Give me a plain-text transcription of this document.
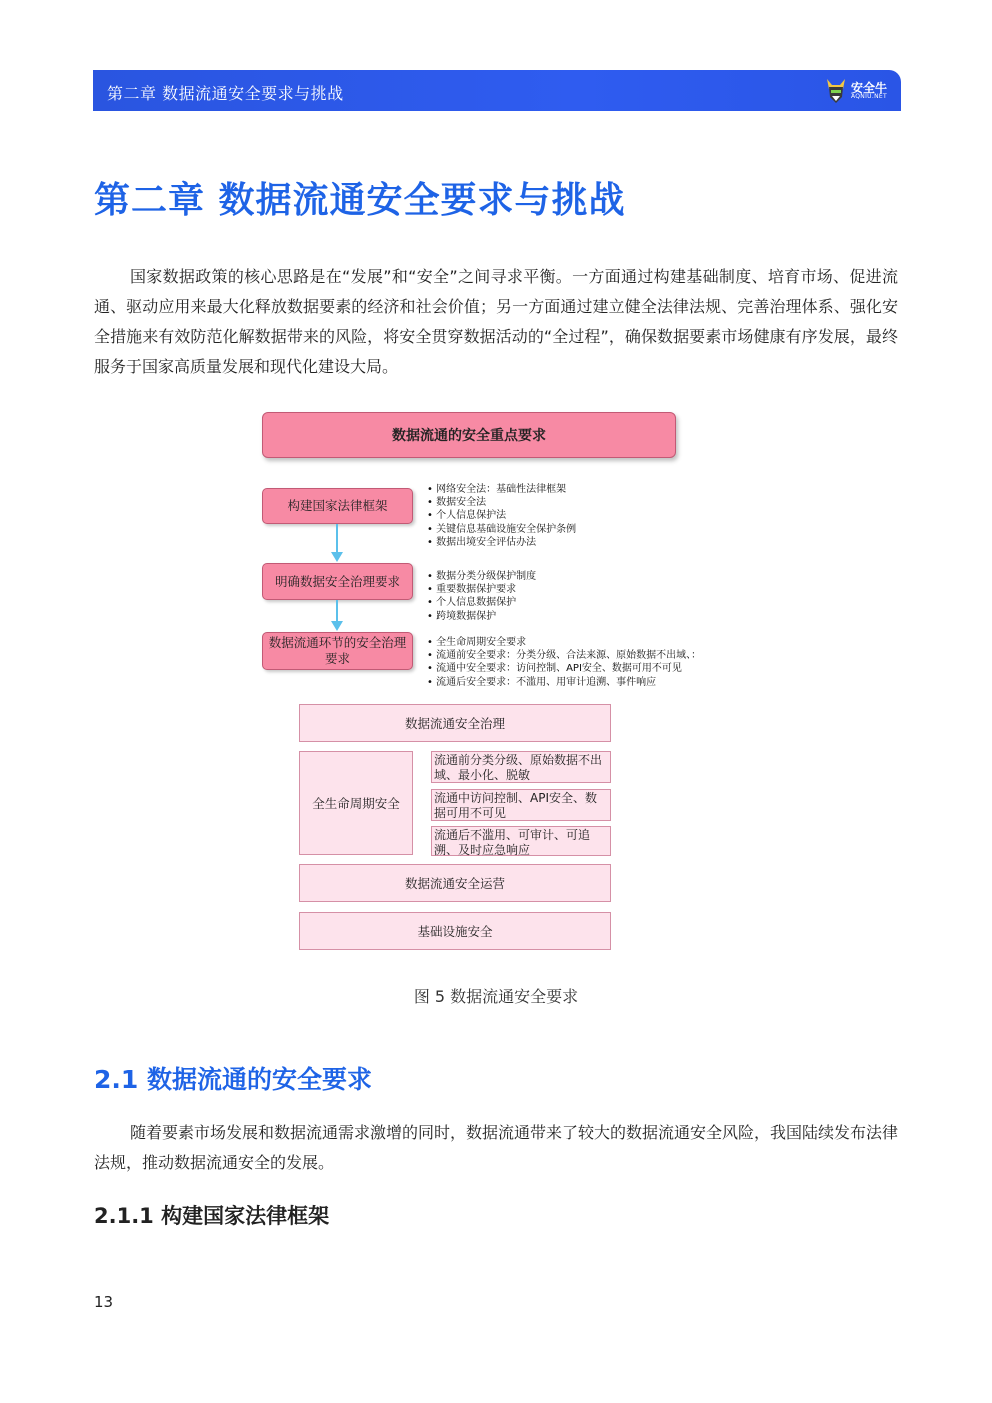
第二章 数据流通安全要求与挑战	安全牛
AQNIU.NET
第二章 数据流通安全要求与挑战

国家数据政策的核心思路是在“发展”和“安全”之间寻求平衡。一方面通过构建基础制度、培育市场、促进流通、驱动应用来最大化释放数据要素的经济和社会价值；另一方面通过建立健全法律法规、完善治理体系、强化安全措施来有效防范化解数据带来的风险，将安全贯穿数据活动的“全过程”，确保数据要素市场健康有序发展，最终服务于国家高质量发展和现代化建设大局。

数据流通的安全重点要求
构建国家法律框架
明确数据安全治理要求
数据流通环节的安全治理要求
• 网络安全法：基础性法律框架
• 数据安全法
• 个人信息保护法
• 关键信息基础设施安全保护条例
• 数据出境安全评估办法
• 数据分类分级保护制度
• 重要数据保护要求
• 个人信息数据保护
• 跨境数据保护
• 全生命周期安全要求
• 流通前安全要求：分类分级、合法来源、原始数据不出域、：
• 流通中安全要求：访问控制、API安全、数据可用不可见
• 流通后安全要求：不滥用、用审计追溯、事件响应
数据流通安全治理
全生命周期安全
流通前分类分级、原始数据不出域、最小化、脱敏
流通中访问控制、API安全、数据可用不可见
流通后不滥用、可审计、可追溯、及时应急响应
数据流通安全运营
基础设施安全
图 5 数据流通安全要求
2.1 数据流通的安全要求

随着要素市场发展和数据流通需求激增的同时，数据流通带来了较大的数据流通安全风险，我国陆续发布法律法规，推动数据流通安全的发展。

2.1.1 构建国家法律框架
13
